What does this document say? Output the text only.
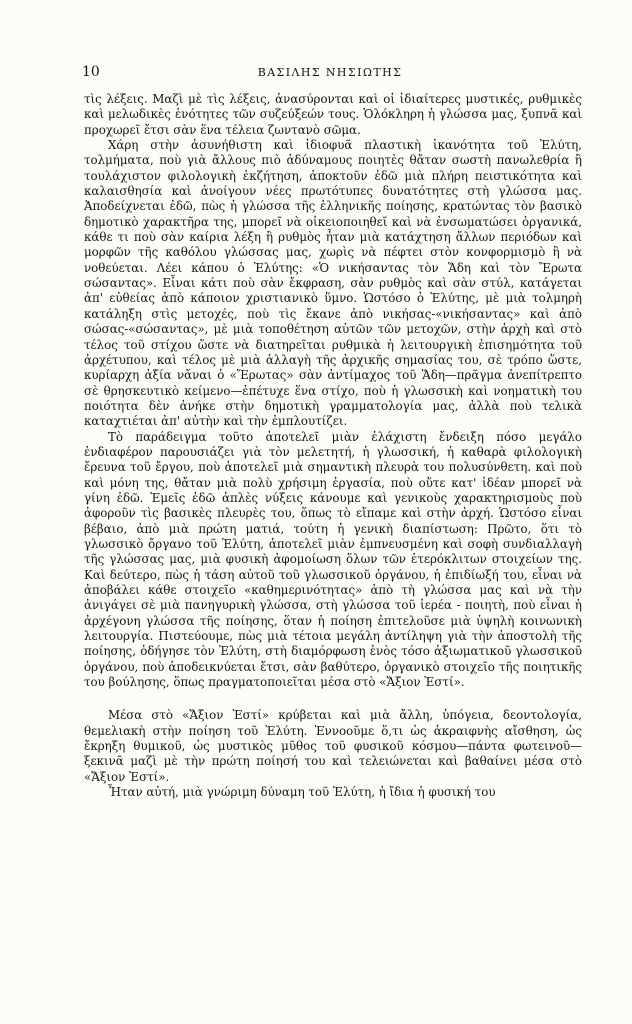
10	ΒΑΣΙΛΗΣ ΝΗΣΙΩΤΗΣ

τὶς λέξεις. Μαζὶ μὲ τὶς λέξεις, ἀνασύρονται καὶ οἱ ἰδιαίτερες μυστικές, ρυθμικὲς καὶ μελωδικὲς ἑνότητες τῶν συζεύξεών τους. Ὁλόκληρη ἡ γλώσσα μας, ξυπνᾶ καὶ προχωρεῖ ἔτσι σὰν ἕνα τέλεια ζωντανὸ σῶμα.

Χάρη στὴν ἀσυνήθιστη καὶ ἰδιοφυᾶ πλαστικὴ ἱκανότητα τοῦ Ἐλύτη, τολμήματα, ποὺ γιὰ ἄλλους πιὸ ἀδύναμους ποιητὲς θἄταν σωστὴ πανωλεθρία ἢ τουλάχιστον φιλολογικὴ ἐκζήτηση, ἀποκτοῦν ἐδῶ μιὰ πλήρη πειστικότητα καὶ καλαισθησία καὶ ἀνοίγουν νέες πρωτότυπες δυνατότητες στὴ γλώσσα μας. Ἀποδείχνεται ἐδῶ, πὼς ἡ γλώσσα τῆς ἑλληνικῆς ποίησης, κρατώντας τὸν βασικὸ δημοτικὸ χαρακτῆρα της, μπορεῖ νὰ οἰκειοποιηθεῖ καὶ νὰ ἐνσωματώσει ὀργανικά, κάθε τι ποὺ σὰν καίρια λέξη ἢ ρυθμὸς ἦταν μιὰ κατάχτηση ἄλλων περιόδων καὶ μορφῶν τῆς καθόλου γλώσσας μας, χωρὶς νὰ πέφτει στὸν κονφορμισμὸ ἢ νὰ νοθεύεται. Λέει κάπου ὁ Ἐλύτης: «Ὁ νικήσαντας τὸν Ἅδη καὶ τὸν Ἔρωτα σώσαντας». Εἶναι κάτι ποὺ σὰν ἔκφραση, σὰν ρυθμὸς καὶ σὰν στύλ, κατάγεται ἀπ' εὐθείας ἀπὸ κάποιον χριστιανικὸ ὕμνο. Ὡστόσο ὁ Ἐλύτης, μὲ μιὰ τολμηρὴ κατάληξη στὶς μετοχές, ποὺ τὶς ἔκανε ἀπὸ νικήσας-«νικήσαντας» καὶ ἀπὸ σώσας-«σώσαντας», μὲ μιὰ τοποθέτηση αὐτῶν τῶν μετοχῶν, στὴν ἀρχὴ καὶ στὸ τέλος τοῦ στίχου ὥστε νὰ διατηρεῖται ρυθμικὰ ἡ λειτουργικὴ ἐπισημότητα τοῦ ἀρχέτυπου, καὶ τέλος μὲ μιὰ ἀλλαγὴ τῆς ἀρχικῆς σημασίας του, σὲ τρόπο ὥστε, κυρίαρχη ἀξία νἄναι ὁ «Ἔρωτας» σὰν ἀντίμαχος τοῦ Ἅδη—πρᾶγμα ἀνεπίτρεπτο σὲ θρησκευτικὸ κείμενο—ἐπέτυχε ἕνα στίχο, ποὺ ἡ γλωσσικὴ καὶ νοηματικὴ του ποιότητα δὲν ἀνήκε στὴν δημοτικὴ γραμματολογία μας, ἀλλὰ ποὺ τελικὰ καταχτιέται ἀπ' αὐτὴν καὶ τὴν ἐμπλουτίζει.

Τὸ παράδειγμα τοῦτο ἀποτελεῖ μιὰν ἐλάχιστη ἔνδειξη πόσο μεγάλο ἐνδιαφέρον παρουσιάζει γιὰ τὸν μελετητή, ἡ γλωσσική, ἡ καθαρὰ φιλολογικὴ ἔρευνα τοῦ ἔργου, ποὺ ἀποτελεῖ μιὰ σημαντικὴ πλευρὰ του πολυσύνθετη. καὶ ποὺ καὶ μόνη της, θἄταν μιὰ πολὺ χρήσιμη ἐργασία, ποὺ οὔτε κατ' ἰδέαν μπορεῖ νὰ γίνη ἐδῶ. Ἐμεῖς ἐδῶ ἁπλὲς νύξεις κάνουμε καὶ γενικοὺς χαρακτηρισμοὺς ποὺ ἀφοροῦν τὶς βασικὲς πλευρὲς του, ὅπως τὸ εἴπαμε καὶ στὴν ἀρχή. Ὡστόσο εἶναι βέβαιο, ἀπὸ μιὰ πρώτη ματιά, τούτη ἡ γενικὴ διαπίστωση: Πρῶτο, ὅτι τὸ γλωσσικὸ ὄργανο τοῦ Ἐλύτη, ἀποτελεῖ μιὰν ἐμπνευσμένη καὶ σοφὴ συνδιαλλαγὴ τῆς γλώσσας μας, μιὰ φυσικὴ ἀφομοίωση ὅλων τῶν ἑτερόκλιτων στοιχείων της. Καὶ δεύτερο, πὼς ἡ τάση αὐτοῦ τοῦ γλωσσικοῦ ὀργάνου, ἡ ἐπιδίωξή του, εἶναι νὰ ἀποβάλει κάθε στοιχεῖο «καθημερινότητας» ἀπὸ τὴ γλώσσα μας καὶ νὰ τὴν ἀνιγάγει σὲ μιὰ πανηγυρικὴ γλώσσα, στὴ γλώσσα τοῦ ἱερέα - ποιητὴ, ποὺ εἶναι ἡ ἀρχέγονη γλώσσα τῆς ποίησης, ὅταν ἡ ποίηση ἐπιτελοῦσε μιὰ ὑψηλὴ κοινωνικὴ λειτουργία. Πιστεύουμε, πὼς μιὰ τέτοια μεγάλη ἀντίληψη γιὰ τὴν ἀποστολὴ τῆς ποίησης, ὁδήγησε τὸν Ἐλύτη, στὴ διαμόρφωση ἑνὸς τόσο ἀξιωματικοῦ γλωσσικοῦ ὀργάνου, ποὺ ἀποδεικνύεται ἔτσι, σὰν βαθύτερο, ὀργανικὸ στοιχεῖο τῆς ποιητικῆς του βούλησης, ὅπως πραγματοποιεῖται μέσα στὸ «Ἄξιον Ἐστί».

Μέσα στὸ «Ἄξιον Ἐστί» κρύβεται καὶ μιὰ ἄλλη, ὑπόγεια, δεοντολογία, θεμελιακὴ στὴν ποίηση τοῦ Ἐλύτη. Ἐννοοῦμε ὅ,τι ὡς ἀκραιφνὴς αἴσθηση, ὡς ἔκρηξη θυμικοῦ, ὡς μυστικὸς μῦθος τοῦ φυσικοῦ κόσμου—πάντα φωτεινοῦ—ξεκινᾶ μαζὶ μὲ τὴν πρώτη ποίησή του καὶ τελειώνεται καὶ βαθαίνει μέσα στὸ «Ἄξιον Ἐστί».

Ἦταν αὐτή, μιὰ γνώριμη δύναμη τοῦ Ἐλύτη, ἡ ἴδια ἡ φυσική του
